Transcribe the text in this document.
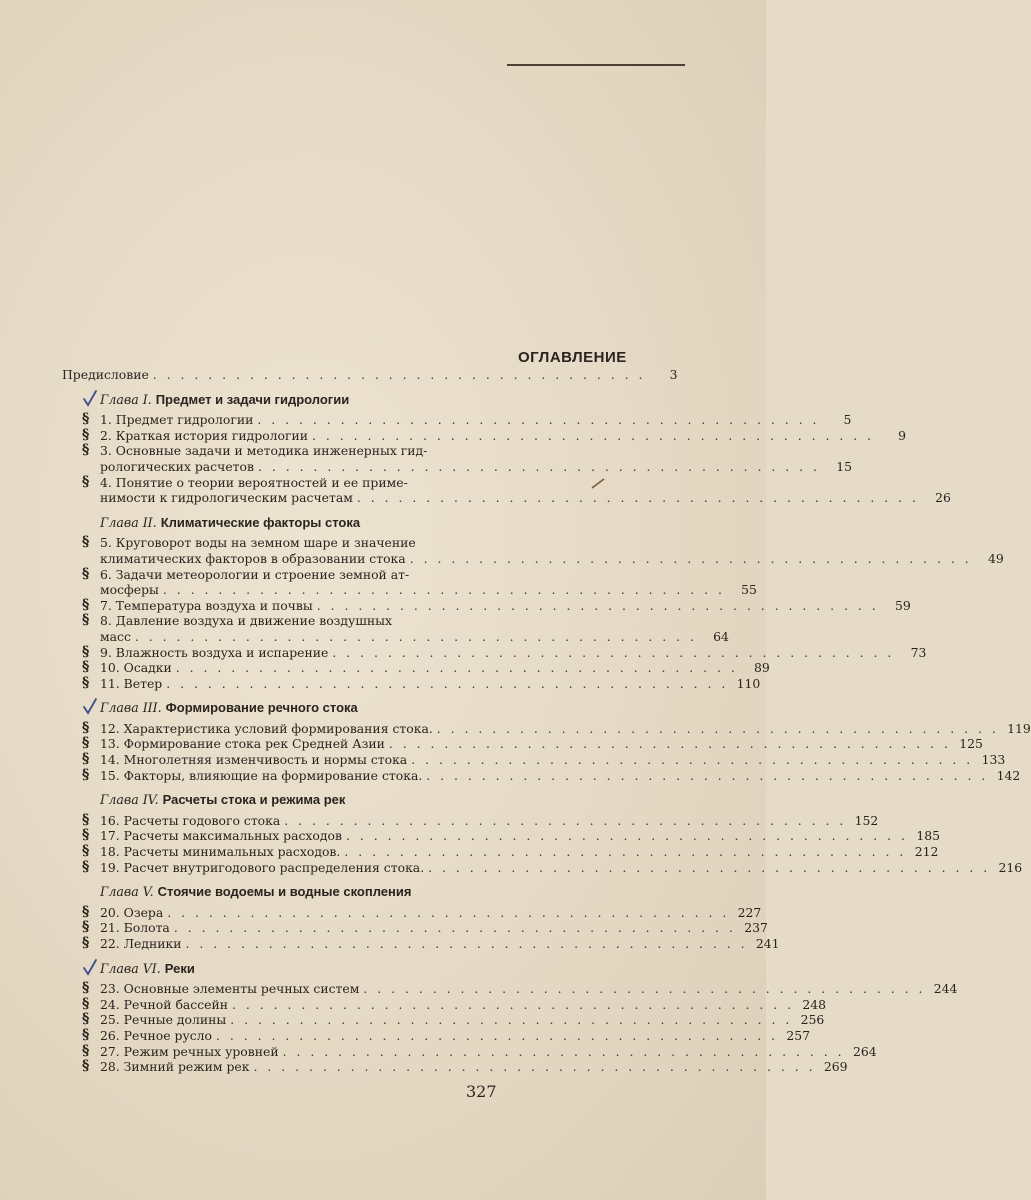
ОГЛАВЛЕНИЕ
Предисловие . . . . . . . . . . . . . . . . . . . . . . . . . . . . . . . . . . . .	3
Глава I. Предмет и задачи гидрологии
§ 1. Предмет гидрологии . . . . . . . . . . . . . . . . . . . . . . . . . . . . . . . . . . . . . . . . .	5
§ 2. Краткая история гидрологии . . . . . . . . . . . . . . . . . . . . . . . . . . . . . . . . . . . . . . . . .	9
§ 3. Основные задачи и методика инженерных гид-
рологических расчетов . . . . . . . . . . . . . . . . . . . . . . . . . . . . . . . . . . . . . . . . .	15
§ 4. Понятие о теории вероятностей и ее приме-
нимости к гидрологическим расчетам . . . . . . . . . . . . . . . . . . . . . . . . . . . . . . . . . . . . . . . . .	26
Глава II. Климатические факторы стока
§ 5. Круговорот воды на земном шаре и значение
климатических факторов в образовании стока . . . . . . . . . . . . . . . . . . . . . . . . . . . . . . . . . . . . . . . . .	49
§ 6. Задачи метеорологии и строение земной ат-
мосферы . . . . . . . . . . . . . . . . . . . . . . . . . . . . . . . . . . . . . . . . .	55
§ 7. Температура воздуха и почвы . . . . . . . . . . . . . . . . . . . . . . . . . . . . . . . . . . . . . . . . .	59
§ 8. Давление воздуха и движение воздушных
масс . . . . . . . . . . . . . . . . . . . . . . . . . . . . . . . . . . . . . . . . .	64
§ 9. Влажность воздуха и испарение . . . . . . . . . . . . . . . . . . . . . . . . . . . . . . . . . . . . . . . . .	73
§ 10. Осадки . . . . . . . . . . . . . . . . . . . . . . . . . . . . . . . . . . . . . . . . .	89
§ 11. Ветер . . . . . . . . . . . . . . . . . . . . . . . . . . . . . . . . . . . . . . . . . 110
Глава III. Формирование речного стока
§ 12. Характеристика условий формирования стока. . . . . . . . . . . . . . . . . . . . . . . . . . . . . . . . . . . . . . . . . . 119
§ 13. Формирование стока рек Средней Азии . . . . . . . . . . . . . . . . . . . . . . . . . . . . . . . . . . . . . . . . . 125
§ 14. Многолетняя изменчивость и нормы стока . . . . . . . . . . . . . . . . . . . . . . . . . . . . . . . . . . . . . . . . . 133
§ 15. Факторы, влияющие на формирование стока. . . . . . . . . . . . . . . . . . . . . . . . . . . . . . . . . . . . . . . . . . 142
Глава IV. Расчеты стока и режима рек
§ 16. Расчеты годового стока . . . . . . . . . . . . . . . . . . . . . . . . . . . . . . . . . . . . . . . . . 152
§ 17. Расчеты максимальных расходов . . . . . . . . . . . . . . . . . . . . . . . . . . . . . . . . . . . . . . . . . 185
§ 18. Расчеты минимальных расходов. . . . . . . . . . . . . . . . . . . . . . . . . . . . . . . . . . . . . . . . . . 212
§ 19. Расчет внутригодового распределения стока. . . . . . . . . . . . . . . . . . . . . . . . . . . . . . . . . . . . . . . . . . 216
Глава V. Стоячие водоемы и водные скопления
§ 20. Озера . . . . . . . . . . . . . . . . . . . . . . . . . . . . . . . . . . . . . . . . . 227
§ 21. Болота . . . . . . . . . . . . . . . . . . . . . . . . . . . . . . . . . . . . . . . . . 237
§ 22. Ледники . . . . . . . . . . . . . . . . . . . . . . . . . . . . . . . . . . . . . . . . . 241
Глава VI. Реки
§ 23. Основные элементы речных систем . . . . . . . . . . . . . . . . . . . . . . . . . . . . . . . . . . . . . . . . . 244
§ 24. Речной бассейн . . . . . . . . . . . . . . . . . . . . . . . . . . . . . . . . . . . . . . . . . 248
§ 25. Речные долины . . . . . . . . . . . . . . . . . . . . . . . . . . . . . . . . . . . . . . . . . 256
§ 26. Речное русло . . . . . . . . . . . . . . . . . . . . . . . . . . . . . . . . . . . . . . . . . 257
§ 27. Режим речных уровней . . . . . . . . . . . . . . . . . . . . . . . . . . . . . . . . . . . . . . . . . 264
§ 28. Зимний режим рек . . . . . . . . . . . . . . . . . . . . . . . . . . . . . . . . . . . . . . . . . 269
327
